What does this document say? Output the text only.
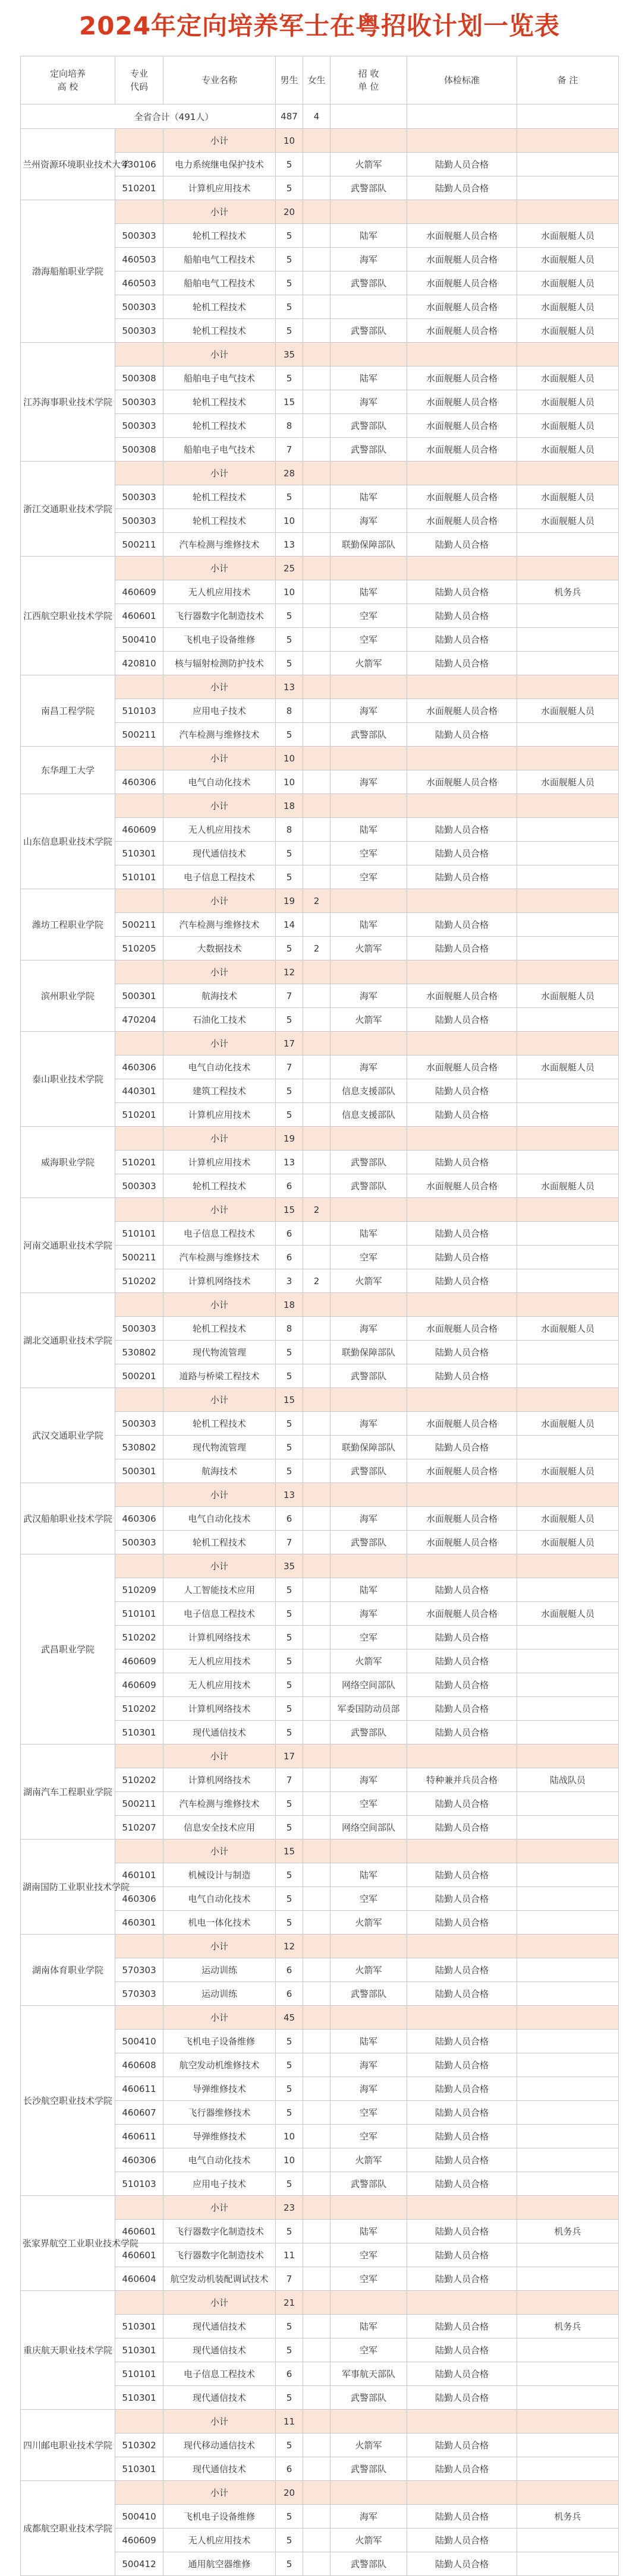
2024年定向培养军士在粤招收计划一览表
定向培养
高 校	专业
代码	专业名称	男生	女生	招 收
单 位	体检标准	备 注
全省合计（491人）			487	4			
兰州资源环境职业技术大学		小计	10				
	430106	电力系统继电保护技术	5		火箭军	陆勤人员合格	
	510201	计算机应用技术	5		武警部队	陆勤人员合格	
渤海船舶职业学院		小计	20				
	500303	轮机工程技术	5		陆军	水面舰艇人员合格	水面舰艇人员
	460503	船舶电气工程技术	5		海军	水面舰艇人员合格	水面舰艇人员
	460503	船舶电气工程技术	5		武警部队	水面舰艇人员合格	水面舰艇人员
	500303	轮机工程技术	5			水面舰艇人员合格	水面舰艇人员
	500303	轮机工程技术	5		武警部队	水面舰艇人员合格	水面舰艇人员
江苏海事职业技术学院		小计	35				
	500308	船舶电子电气技术	5		陆军	水面舰艇人员合格	水面舰艇人员
	500303	轮机工程技术	15		海军	水面舰艇人员合格	水面舰艇人员
	500303	轮机工程技术	8		武警部队	水面舰艇人员合格	水面舰艇人员
	500308	船舶电子电气技术	7		武警部队	水面舰艇人员合格	水面舰艇人员
浙江交通职业技术学院		小计	28				
	500303	轮机工程技术	5		陆军	水面舰艇人员合格	水面舰艇人员
	500303	轮机工程技术	10		海军	水面舰艇人员合格	水面舰艇人员
	500211	汽车检测与维修技术	13		联勤保障部队	陆勤人员合格	
江西航空职业技术学院		小计	25				
	460609	无人机应用技术	10		陆军	陆勤人员合格	机务兵
	460601	飞行器数字化制造技术	5		空军	陆勤人员合格	
	500410	飞机电子设备维修	5		空军	陆勤人员合格	
	420810	核与辐射检测防护技术	5		火箭军	陆勤人员合格	
南昌工程学院		小计	13				
	510103	应用电子技术	8		海军	水面舰艇人员合格	水面舰艇人员
	500211	汽车检测与维修技术	5		武警部队	陆勤人员合格	
东华理工大学		小计	10				
	460306	电气自动化技术	10		海军	水面舰艇人员合格	水面舰艇人员
山东信息职业技术学院		小计	18				
	460609	无人机应用技术	8		陆军	陆勤人员合格	
	510301	现代通信技术	5		空军	陆勤人员合格	
	510101	电子信息工程技术	5		空军	陆勤人员合格	
潍坊工程职业学院		小计	19	2			
	500211	汽车检测与维修技术	14		陆军	陆勤人员合格	
	510205	大数据技术	5	2	火箭军	陆勤人员合格	
滨州职业学院		小计	12				
	500301	航海技术	7		海军	水面舰艇人员合格	水面舰艇人员
	470204	石油化工技术	5		火箭军	陆勤人员合格	
泰山职业技术学院		小计	17				
	460306	电气自动化技术	7		海军	水面舰艇人员合格	水面舰艇人员
	440301	建筑工程技术	5		信息支援部队	陆勤人员合格	
	510201	计算机应用技术	5		信息支援部队	陆勤人员合格	
威海职业学院		小计	19				
	510201	计算机应用技术	13		武警部队	陆勤人员合格	
	500303	轮机工程技术	6		武警部队	水面舰艇人员合格	水面舰艇人员
河南交通职业技术学院		小计	15	2			
	510101	电子信息工程技术	6		陆军	陆勤人员合格	
	500211	汽车检测与维修技术	6		空军	陆勤人员合格	
	510202	计算机网络技术	3	2	火箭军	陆勤人员合格	
湖北交通职业技术学院		小计	18				
	500303	轮机工程技术	8		海军	水面舰艇人员合格	水面舰艇人员
	530802	现代物流管理	5		联勤保障部队	陆勤人员合格	
	500201	道路与桥梁工程技术	5		武警部队	陆勤人员合格	
武汉交通职业学院		小计	15				
	500303	轮机工程技术	5		海军	水面舰艇人员合格	水面舰艇人员
	530802	现代物流管理	5		联勤保障部队	陆勤人员合格	
	500301	航海技术	5		武警部队	水面舰艇人员合格	水面舰艇人员
武汉船舶职业技术学院		小计	13				
	460306	电气自动化技术	6		海军	水面舰艇人员合格	水面舰艇人员
	500303	轮机工程技术	7		武警部队	水面舰艇人员合格	水面舰艇人员
武昌职业学院		小计	35				
	510209	人工智能技术应用	5		陆军	陆勤人员合格	
	510101	电子信息工程技术	5		海军	水面舰艇人员合格	水面舰艇人员
	510202	计算机网络技术	5		空军	陆勤人员合格	
	460609	无人机应用技术	5		火箭军	陆勤人员合格	
	460609	无人机应用技术	5		网络空间部队	陆勤人员合格	
	510202	计算机网络技术	5		军委国防动员部	陆勤人员合格	
	510301	现代通信技术	5		武警部队	陆勤人员合格	
湖南汽车工程职业学院		小计	17				
	510202	计算机网络技术	7		海军	特种兼并兵员合格	陆战队员
	500211	汽车检测与维修技术	5		空军	陆勤人员合格	
	510207	信息安全技术应用	5		网络空间部队	陆勤人员合格	
湖南国防工业职业技术学院		小计	15				
	460101	机械设计与制造	5		陆军	陆勤人员合格	
	460306	电气自动化技术	5		空军	陆勤人员合格	
	460301	机电一体化技术	5		火箭军	陆勤人员合格	
湖南体育职业学院		小计	12				
	570303	运动训练	6		火箭军	陆勤人员合格	
	570303	运动训练	6		武警部队	陆勤人员合格	
长沙航空职业技术学院		小计	45				
	500410	飞机电子设备维修	5		陆军	陆勤人员合格	
	460608	航空发动机维修技术	5		海军	陆勤人员合格	
	460611	导弹维修技术	5		海军	陆勤人员合格	
	460607	飞行器维修技术	5		空军	陆勤人员合格	
	460611	导弹维修技术	10		空军	陆勤人员合格	
	460306	电气自动化技术	10		火箭军	陆勤人员合格	
	510103	应用电子技术	5		武警部队	陆勤人员合格	
张家界航空工业职业技术学院		小计	23				
	460601	飞行器数字化制造技术	5		陆军	陆勤人员合格	机务兵
	460601	飞行器数字化制造技术	11		空军	陆勤人员合格	
	460604	航空发动机装配调试技术	7		空军	陆勤人员合格	
重庆航天职业技术学院		小计	21				
	510301	现代通信技术	5		陆军	陆勤人员合格	机务兵
	510301	现代通信技术	5		空军	陆勤人员合格	
	510101	电子信息工程技术	6		军事航天部队	陆勤人员合格	
	510301	现代通信技术	5		武警部队	陆勤人员合格	
四川邮电职业技术学院		小计	11				
	510302	现代移动通信技术	5		火箭军	陆勤人员合格	
	510301	现代通信技术	6		武警部队	陆勤人员合格	
成都航空职业技术学院		小计	20				
	500410	飞机电子设备维修	5		海军	陆勤人员合格	机务兵
	460609	无人机应用技术	5		火箭军	陆勤人员合格	
	500412	通用航空器维修	5		武警部队	陆勤人员合格	
